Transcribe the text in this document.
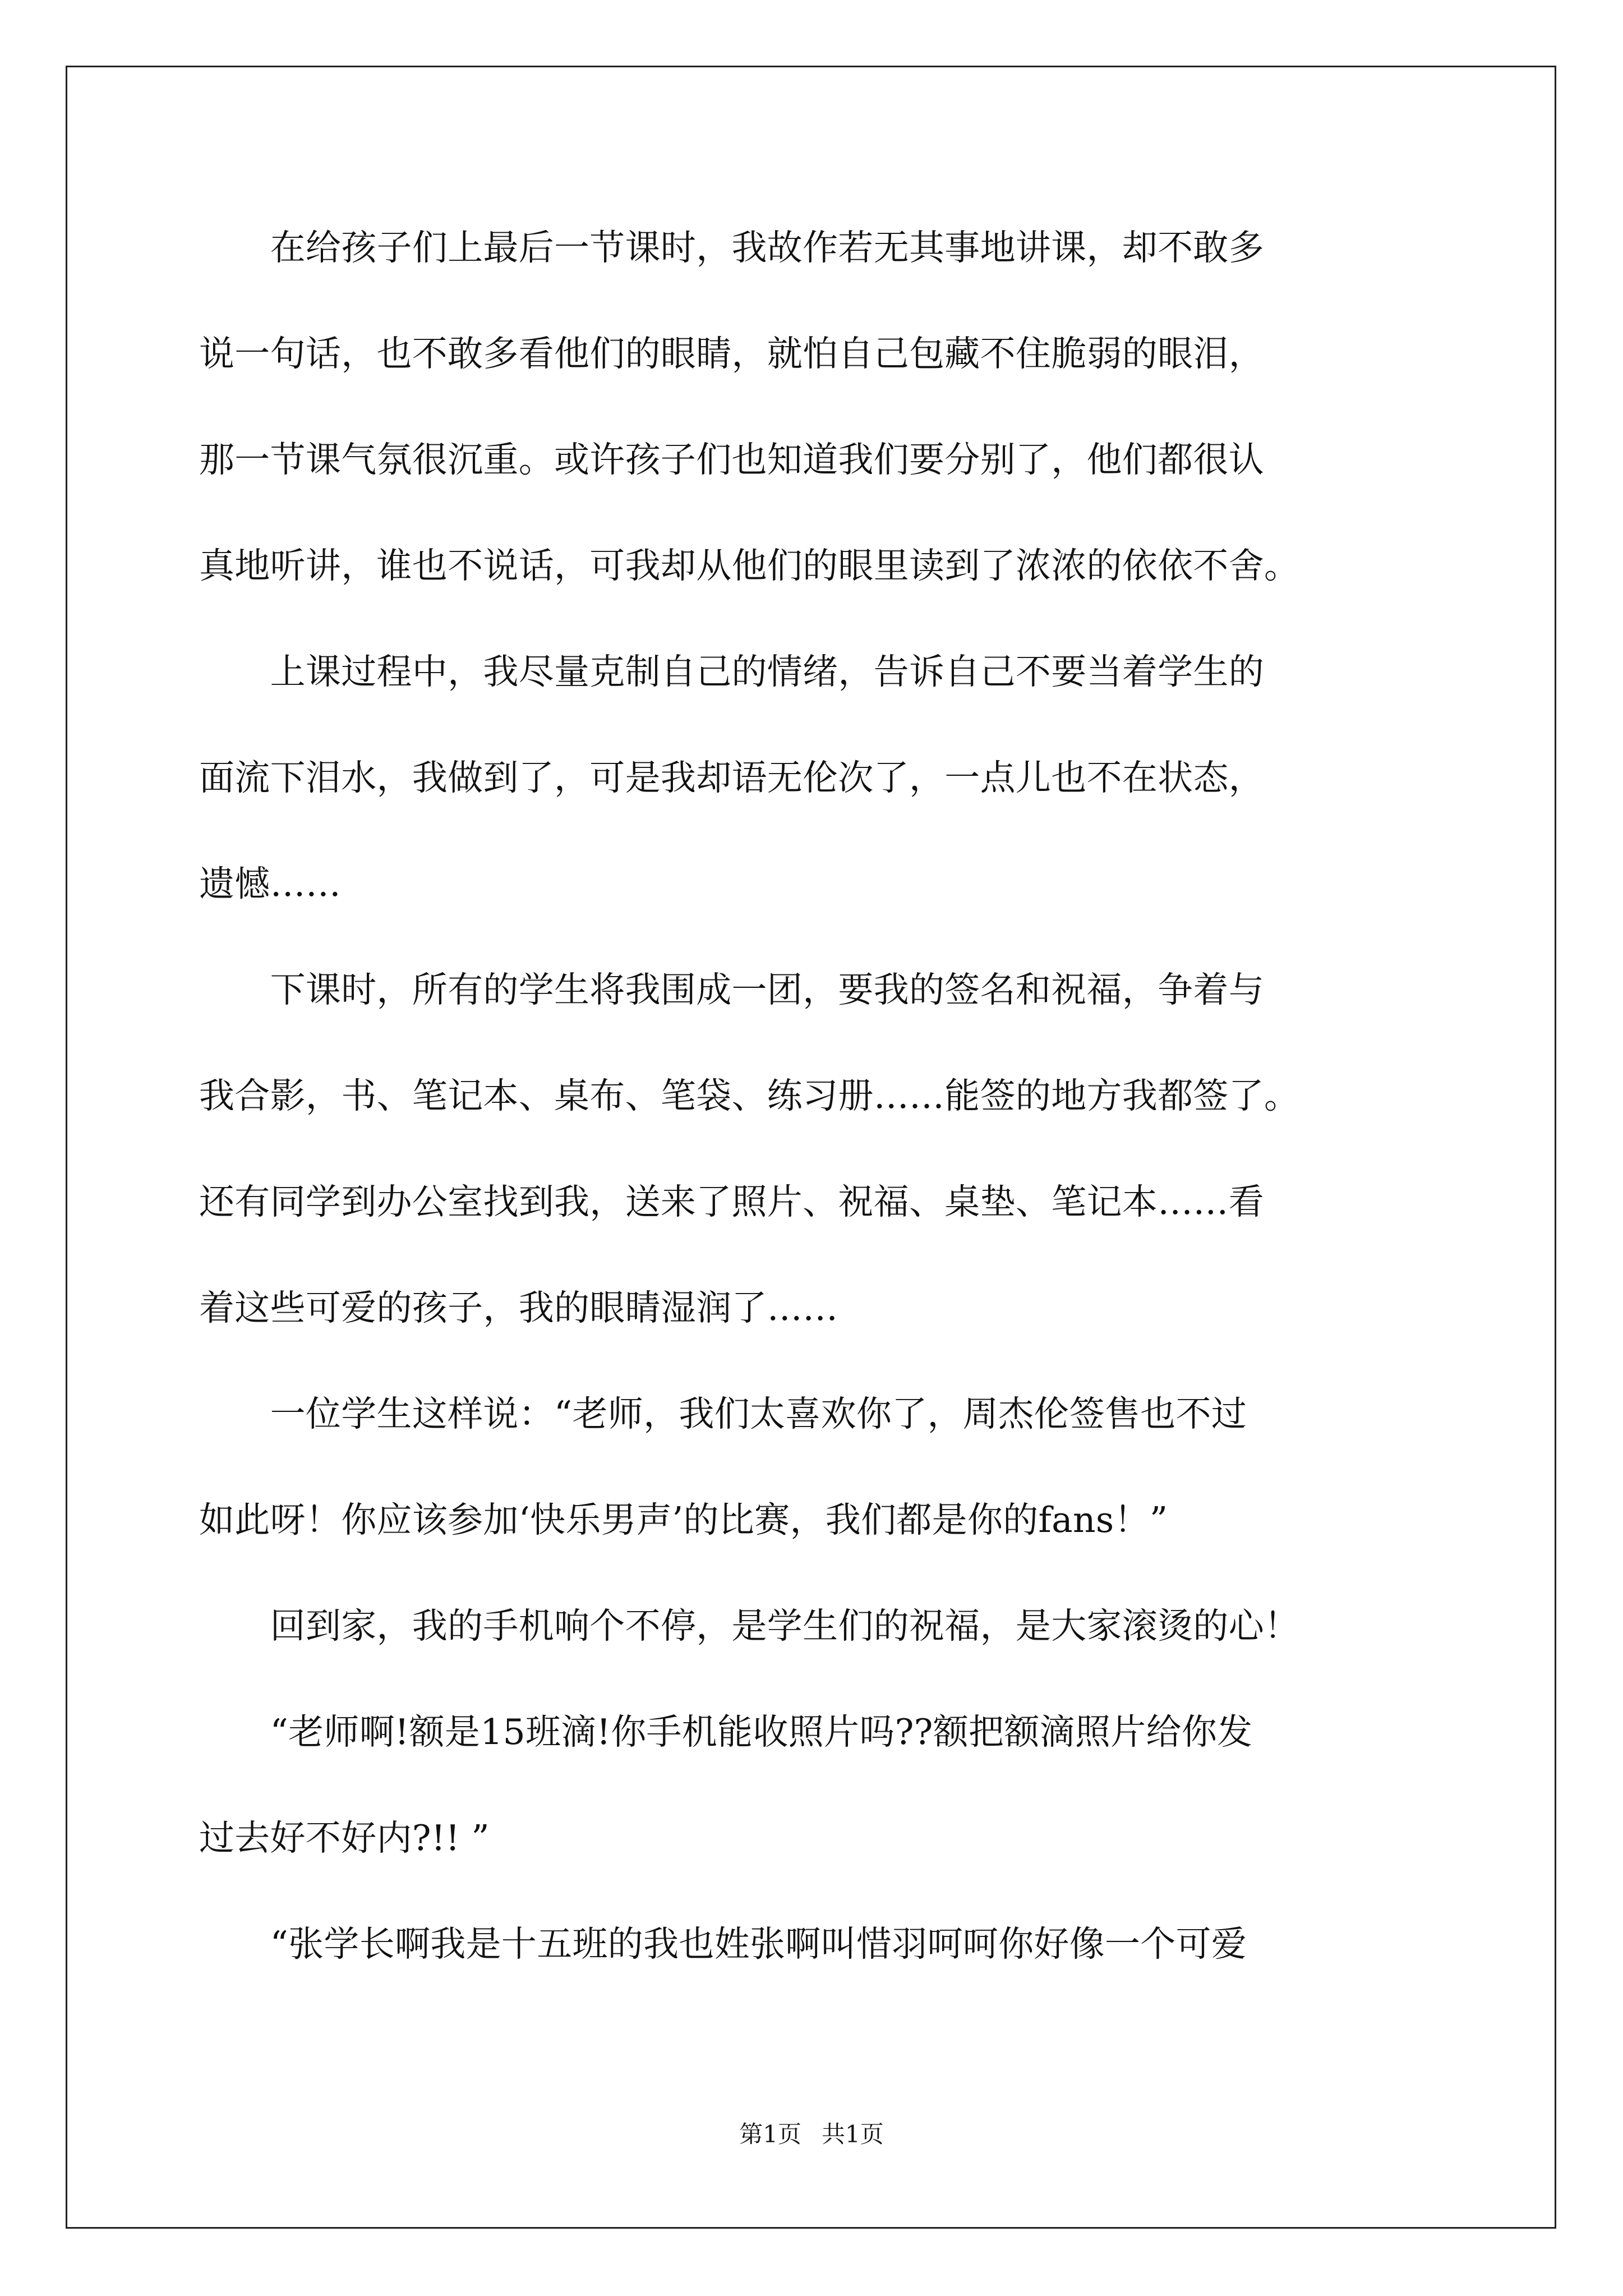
　　在给孩子们上最后一节课时，我故作若无其事地讲课，却不敢多
说一句话，也不敢多看他们的眼睛，就怕自己包藏不住脆弱的眼泪，
那一节课气氛很沉重。或许孩子们也知道我们要分别了，他们都很认
真地听讲，谁也不说话，可我却从他们的眼里读到了浓浓的依依不舍。
　　上课过程中，我尽量克制自己的情绪，告诉自己不要当着学生的
面流下泪水，我做到了，可是我却语无伦次了，一点儿也不在状态，
遗憾……
　　下课时，所有的学生将我围成一团，要我的签名和祝福，争着与
我合影，书、笔记本、桌布、笔袋、练习册……能签的地方我都签了。
还有同学到办公室找到我，送来了照片、祝福、桌垫、笔记本……看
着这些可爱的孩子，我的眼睛湿润了……
　　一位学生这样说：“老师，我们太喜欢你了，周杰伦签售也不过
如此呀！你应该参加‘快乐男声’的比赛，我们都是你的fans！”
　　回到家，我的手机响个不停，是学生们的祝福，是大家滚烫的心！
　　“老师啊!额是15班滴!你手机能收照片吗??额把额滴照片给你发
过去好不好内?!! ”
　　“张学长啊我是十五班的我也姓张啊叫惜羽呵呵你好像一个可爱
第1页 共1页
